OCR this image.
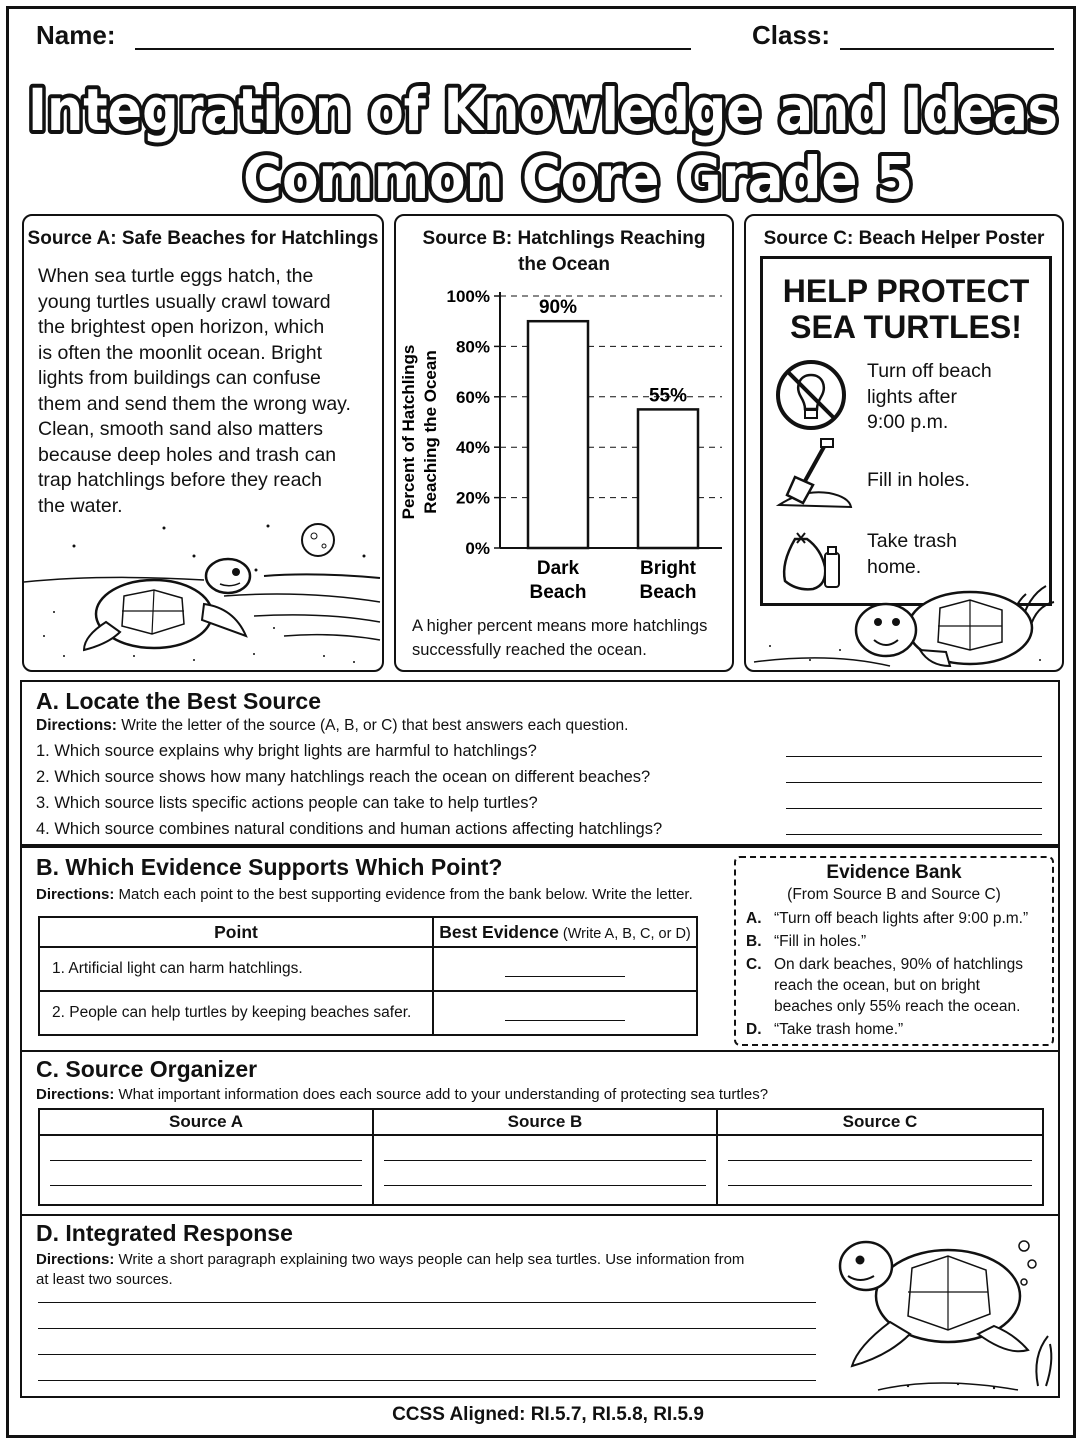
Name:	Class:
Integration of Knowledge and Ideas
Common Core Grade 5
Source A: Safe Beaches for Hatchlings
When sea turtle eggs hatch, the
young turtles usually crawl toward
the brightest open horizon, which
is often the moonlit ocean. Bright
lights from buildings can confuse
them and send them the wrong way.
Clean, smooth sand also matters
because deep holes and trash can
trap hatchlings before they reach
the water.
Source B: Hatchlings Reaching
the Ocean
0%
20%
40%
60%
80%
100%
90%
55%
Dark
Beach
Bright
Beach
Percent of Hatchlings Reaching the Ocean
A higher percent means more hatchlings
successfully reached the ocean.
Source C: Beach Helper Poster
HELP PROTECT
SEA TURTLES!
Turn off beach
lights after
9:00 p.m.
Fill in holes.
Take trash
home.
A. Locate the Best Source
Directions: Write the letter of the source (A, B, or C) that best answers each question.
1. Which source explains why bright lights are harmful to hatchlings?
2. Which source shows how many hatchlings reach the ocean on different beaches?
3. Which source lists specific actions people can take to help turtles?
4. Which source combines natural conditions and human actions affecting hatchlings?
B. Which Evidence Supports Which Point?
Directions: Match each point to the best supporting evidence from the bank below. Write the letter.
Point	Best Evidence (Write A, B, C, or D)
1. Artificial light can harm hatchlings.	

2. People can help turtles by keeping beaches safer.	
Evidence Bank
(From Source B and Source C)
A. “Turn off beach lights after 9:00 p.m.”
B. “Fill in holes.”
C. On dark beaches, 90% of hatchlings
reach the ocean, but on bright
beaches only 55% reach the ocean.
D. “Take trash home.”
C. Source Organizer
Directions: What important information does each source add to your understanding of protecting sea turtles?
Source A	Source B	Source C

D. Integrated Response
Directions: Write a short paragraph explaining two ways people can help sea turtles. Use information from
at least two sources.
CCSS Aligned: RI.5.7, RI.5.8, RI.5.9
